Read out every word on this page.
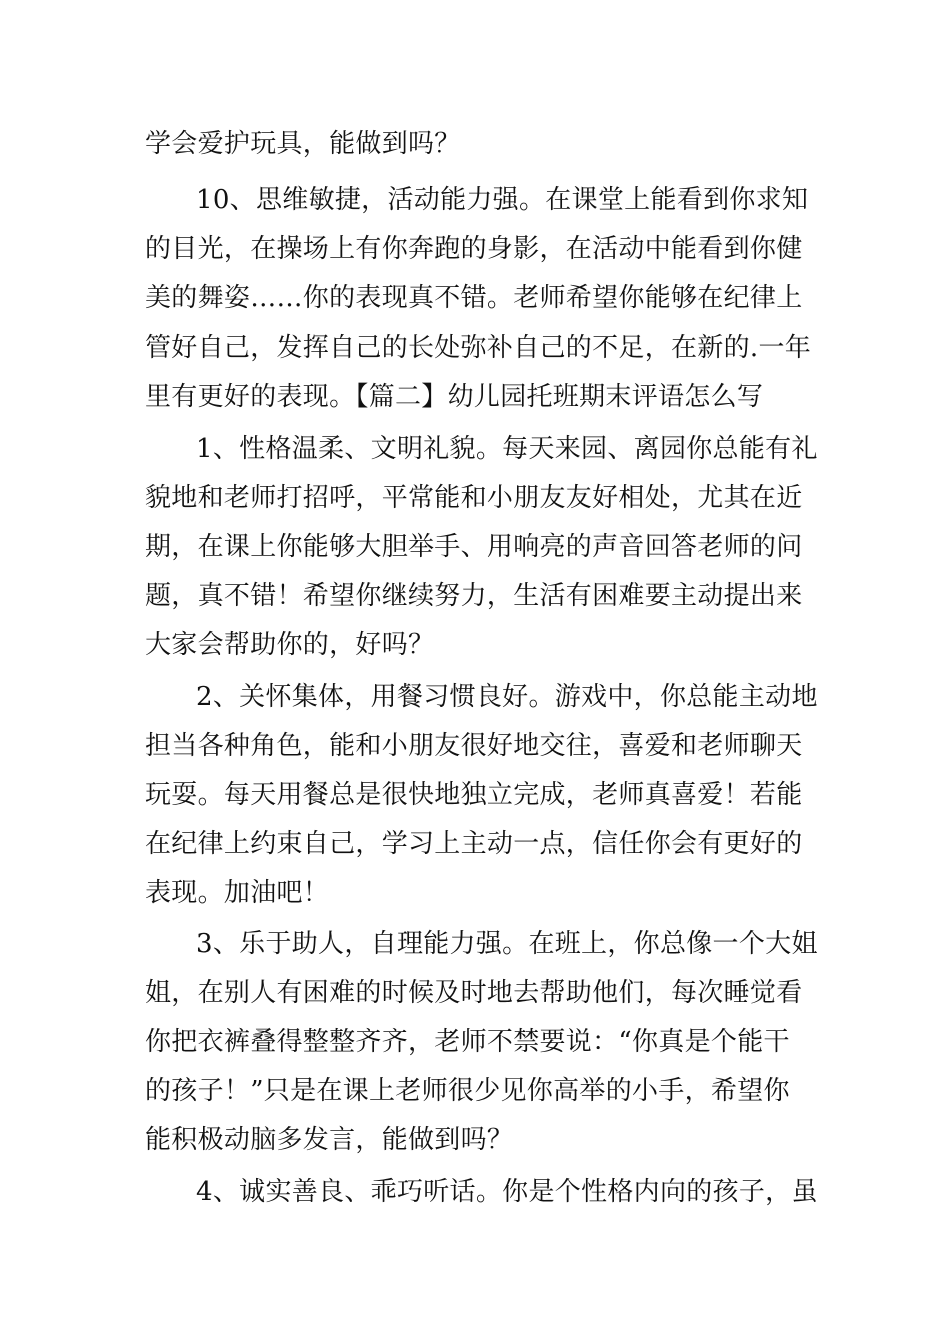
学会爱护玩具，能做到吗？
10、思维敏捷，活动能力强。在课堂上能看到你求知
的目光，在操场上有你奔跑的身影，在活动中能看到你健
美的舞姿……你的表现真不错。老师希望你能够在纪律上
管好自己，发挥自己的长处弥补自己的不足，在新的.一年
里有更好的表现。【篇二】幼儿园托班期末评语怎么写
1、性格温柔、文明礼貌。每天来园、离园你总能有礼
貌地和老师打招呼，平常能和小朋友友好相处，尤其在近
期，在课上你能够大胆举手、用响亮的声音回答老师的问
题，真不错！希望你继续努力，生活有困难要主动提出来
大家会帮助你的，好吗？
2、关怀集体，用餐习惯良好。游戏中，你总能主动地
担当各种角色，能和小朋友很好地交往，喜爱和老师聊天
玩耍。每天用餐总是很快地独立完成，老师真喜爱！若能
在纪律上约束自己，学习上主动一点，信任你会有更好的
表现。加油吧！
3、乐于助人，自理能力强。在班上，你总像一个大姐
姐，在别人有困难的时候及时地去帮助他们，每次睡觉看
你把衣裤叠得整整齐齐，老师不禁要说：“你真是个能干
的孩子！”只是在课上老师很少见你高举的小手，希望你
能积极动脑多发言，能做到吗？
4、诚实善良、乖巧听话。你是个性格内向的孩子，虽
